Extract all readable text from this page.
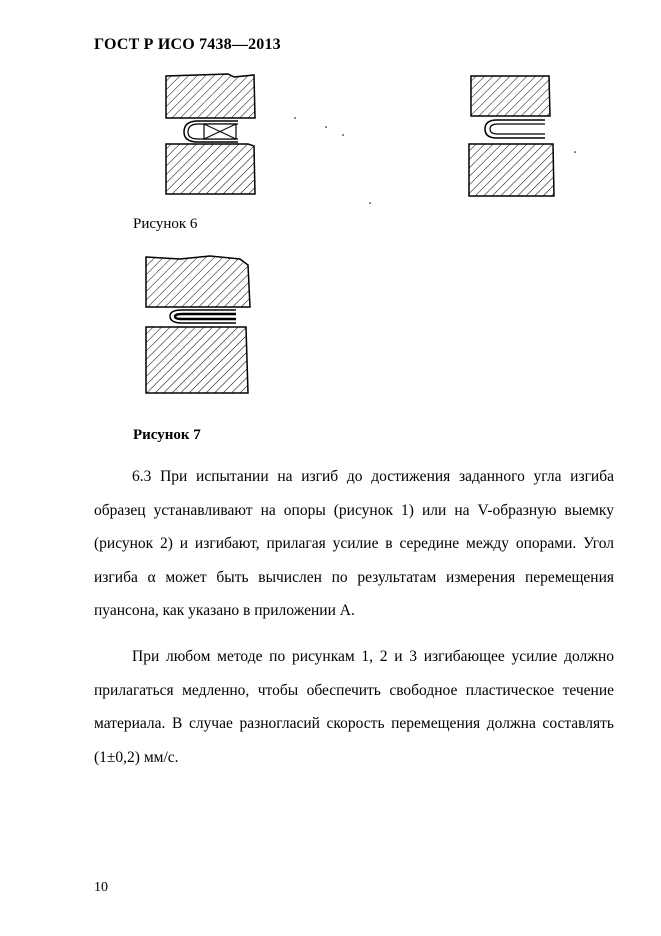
ГОСТ Р ИСО 7438—2013
Рисунок 6
Рисунок 7

6.3 При испытании на изгиб до достижения заданного угла изгиба образец устанавливают на опоры (рисунок 1) или на V-образную выемку (рисунок 2) и изгибают, прилагая усилие в середине между опорами. Угол изгиба α может быть вычислен по результатам измерения перемещения пуансона, как указано в приложении А.

При любом методе по рисункам 1, 2 и 3 изгибающее усилие должно прилагаться медленно, чтобы обеспечить свободное пластическое течение материала. В случае разногласий скорость перемещения должна составлять (1±0,2) мм/с.

10
